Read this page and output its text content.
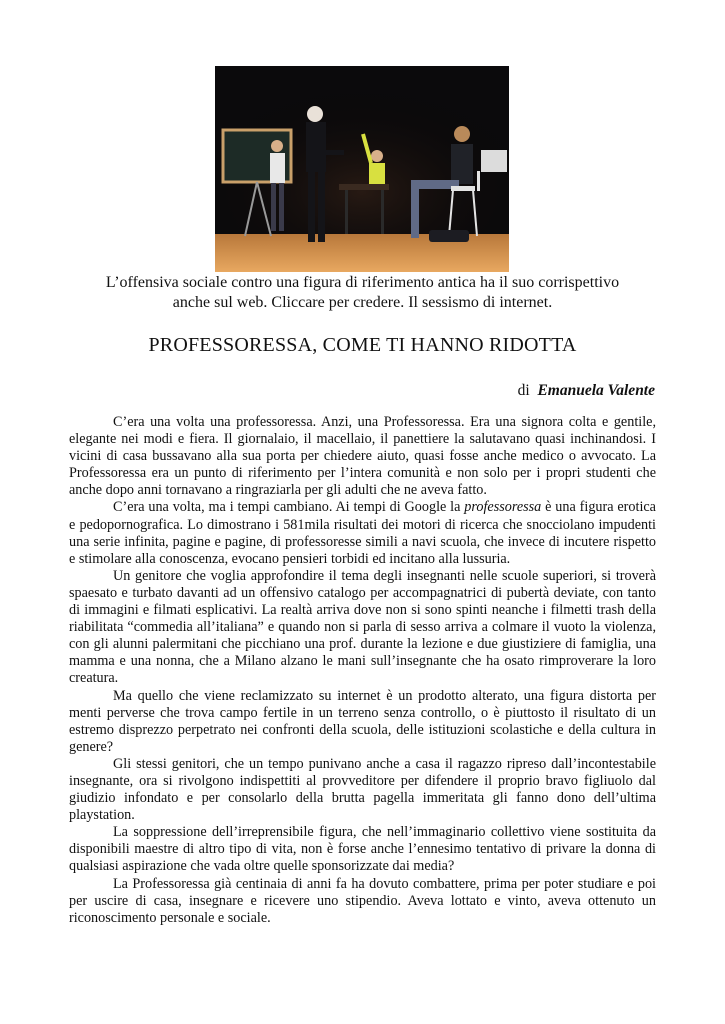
L’offensiva sociale contro una figura di riferimento antica ha il suo corrispettivo
anche sul web. Cliccare per credere. Il sessismo di internet.
PROFESSORESSA, COME TI HANNO RIDOTTA
di Emanuela Valente

C’era una volta una professoressa. Anzi, una Professoressa. Era una signora colta e gentile, elegante nei modi e fiera. Il giornalaio, il macellaio, il panettiere la salutavano quasi inchinandosi. I vicini di casa bussavano alla sua porta per chiedere aiuto, quasi fosse anche medico o avvocato. La Professoressa era un punto di riferimento per l’intera comunità e non solo per i propri studenti che anche dopo anni tornavano a ringraziarla per gli adulti che ne aveva fatto.

C’era una volta, ma i tempi cambiano. Ai tempi di Google la professoressa è una figura erotica e pedopornografica. Lo dimostrano i 581mila risultati dei motori di ricerca che snocciolano impudenti una serie infinita, pagine e pagine, di professoresse simili a navi scuola, che invece di incutere rispetto e stimolare alla conoscenza, evocano pensieri torbidi ed incitano alla lussuria.

Un genitore che voglia approfondire il tema degli insegnanti nelle scuole superiori, si troverà spaesato e turbato davanti ad un offensivo catalogo per accompagnatrici di pubertà deviate, con tanto di immagini e filmati esplicativi. La realtà arriva dove non si sono spinti neanche i filmetti trash della riabilitata “commedia all’italiana” e quando non si parla di sesso arriva a colmare il vuoto la violenza, con gli alunni palermitani che picchiano una prof. durante la lezione e due giustiziere di famiglia, una mamma e una nonna, che a Milano alzano le mani sull’insegnante che ha osato rimproverare la loro creatura.

Ma quello che viene reclamizzato su internet è un prodotto alterato, una figura distorta per menti perverse che trova campo fertile in un terreno senza controllo, o è piuttosto il risultato di un estremo disprezzo perpetrato nei confronti della scuola, delle istituzioni scolastiche e della cultura in genere?

Gli stessi genitori, che un tempo punivano anche a casa il ragazzo ripreso dall’incontestabile insegnante, ora si rivolgono indispettiti al provveditore per difendere il proprio bravo figliuolo dal giudizio infondato e per consolarlo della brutta pagella immeritata gli fanno dono dell’ultima playstation.

La soppressione dell’irreprensibile figura, che nell’immaginario collettivo viene sostituita da disponibili maestre di altro tipo di vita, non è forse anche l’ennesimo tentativo di privare la donna di qualsiasi aspirazione che vada oltre quelle sponsorizzate dai media?

La Professoressa già centinaia di anni fa ha dovuto combattere, prima per poter studiare e poi per uscire di casa, insegnare e ricevere uno stipendio. Aveva lottato e vinto, aveva ottenuto un riconoscimento personale e sociale.
